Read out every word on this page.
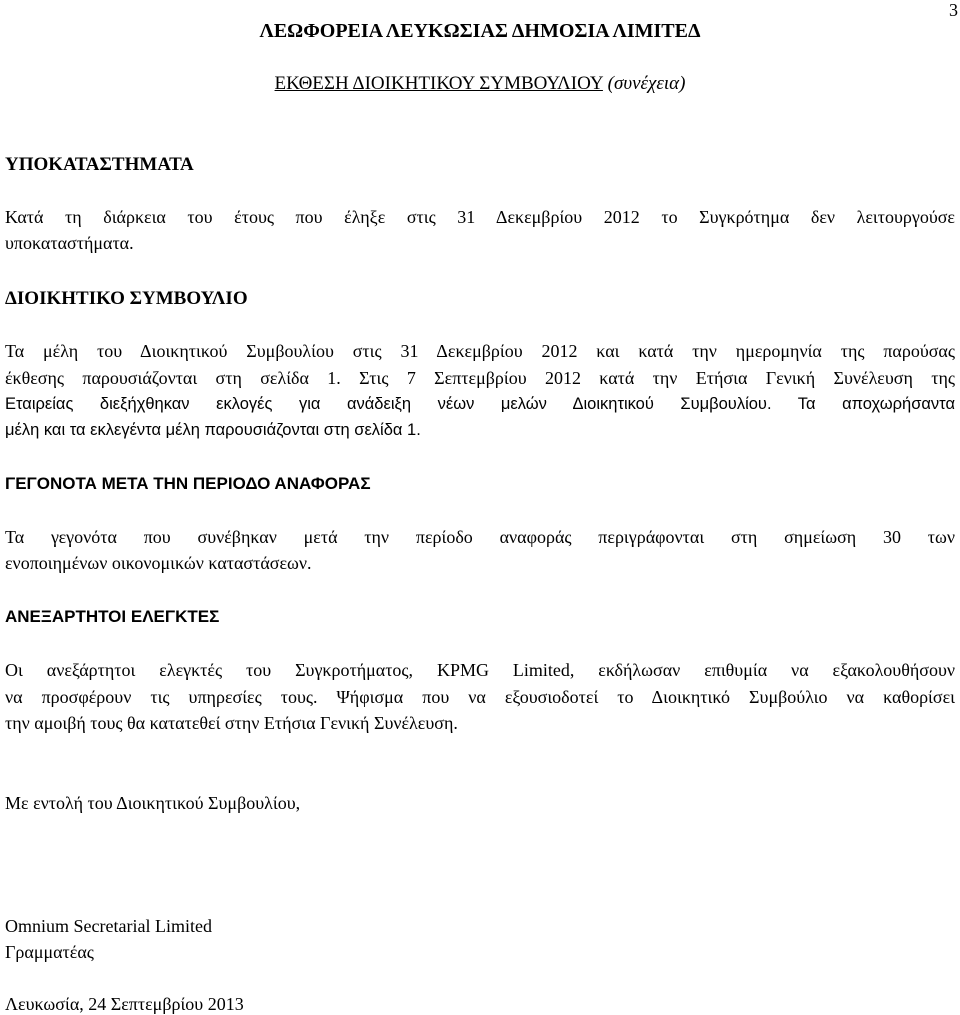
3
ΛΕΩΦΟΡΕΙΑ ΛΕΥΚΩΣΙΑΣ ΔΗΜΟΣΙΑ ΛΙΜΙΤΕΔ
ΕΚΘΕΣΗ ΔΙΟΙΚΗΤΙΚΟΥ ΣΥΜΒΟΥΛΙΟΥ (συνέχεια)
ΥΠΟΚΑΤΑΣΤΗΜΑΤΑ
Κατά τη διάρκεια του έτους που έληξε στις 31 Δεκεμβρίου 2012 το Συγκρότημα δεν λειτουργούσε
υποκαταστήματα.
ΔΙΟΙΚΗΤΙΚΟ ΣΥΜΒΟΥΛΙΟ
Τα μέλη του Διοικητικού Συμβουλίου στις 31 Δεκεμβρίου 2012 και κατά την ημερομηνία της παρούσας
έκθεσης παρουσιάζονται στη σελίδα 1. Στις 7 Σεπτεμβρίου 2012 κατά την Ετήσια Γενική Συνέλευση της
Εταιρείας διεξήχθηκαν εκλογές για ανάδειξη νέων μελών Διοικητικού Συμβουλίου. Τα αποχωρήσαντα
μέλη και τα εκλεγέντα μέλη παρουσιάζονται στη σελίδα 1.
ΓΕΓΟΝΟΤΑ ΜΕΤΑ ΤΗΝ ΠΕΡΙΟΔΟ ΑΝΑΦΟΡΑΣ
Τα γεγονότα που συνέβηκαν μετά την περίοδο αναφοράς περιγράφονται στη σημείωση 30 των
ενοποιημένων οικονομικών καταστάσεων.
ΑΝΕΞΑΡΤΗΤΟΙ ΕΛΕΓΚΤΕΣ
Οι ανεξάρτητοι ελεγκτές του Συγκροτήματος, KPMG Limited, εκδήλωσαν επιθυμία να εξακολουθήσουν
να προσφέρουν τις υπηρεσίες τους. Ψήφισμα που να εξουσιοδοτεί το Διοικητικό Συμβούλιο να καθορίσει
την αμοιβή τους θα κατατεθεί στην Ετήσια Γενική Συνέλευση.
Με εντολή του Διοικητικού Συμβουλίου,
Omnium Secretarial Limited
Γραμματέας
Λευκωσία, 24 Σεπτεμβρίου 2013
